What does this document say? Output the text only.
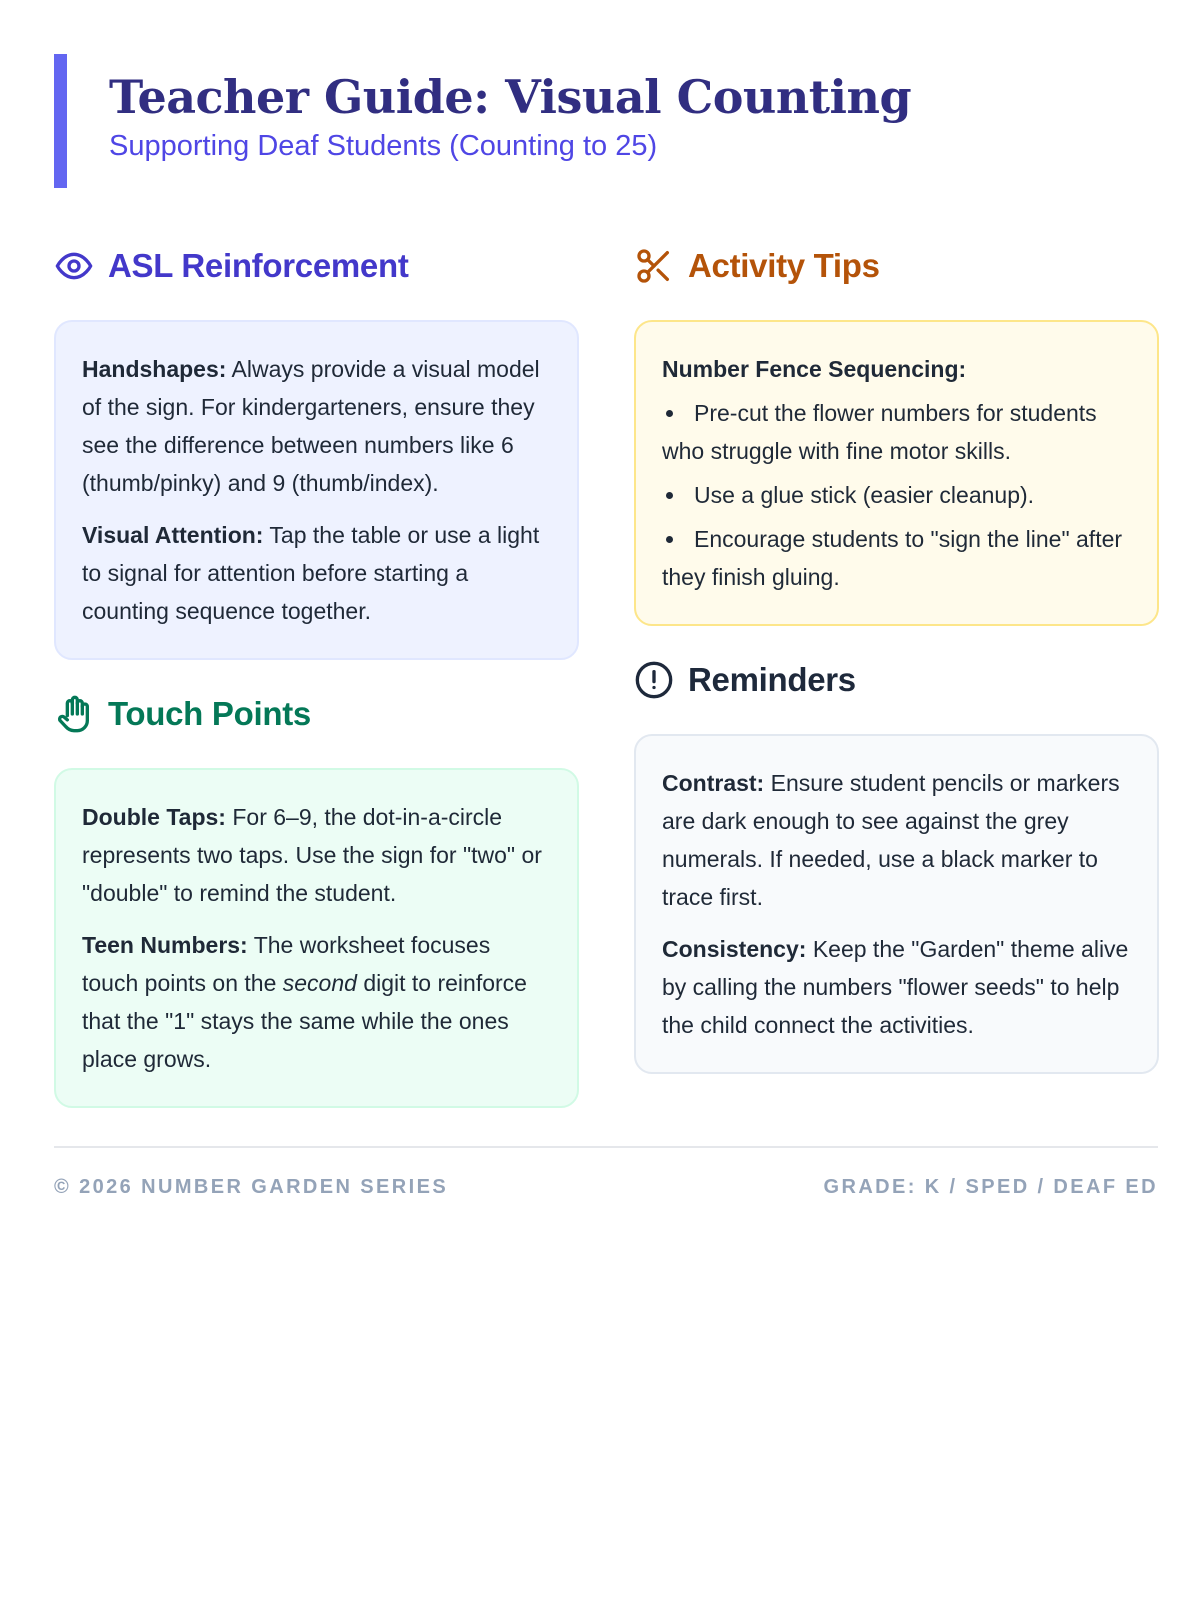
Teacher Guide: Visual Counting
Supporting Deaf Students (Counting to 25)
ASL Reinforcement

Handshapes: Always provide a visual model of the sign. For kindergarteners, ensure they see the difference between numbers like 6 (thumb/pinky) and 9 (thumb/index).

Visual Attention: Tap the table or use a light to signal for attention before starting a counting sequence together.

Touch Points

Double Taps: For 6–9, the dot-in-a-circle represents two taps. Use the sign for "two" or "double" to remind the student.

Teen Numbers: The worksheet focuses touch points on the second digit to reinforce that the "1" stays the same while the ones place grows.

Activity Tips
Number Fence Sequencing:
Pre-cut the flower numbers for students who struggle with fine motor skills.
Use a glue stick (easier cleanup).
Encourage students to "sign the line" after they finish gluing.
Reminders

Contrast: Ensure student pencils or markers are dark enough to see against the grey numerals. If needed, use a black marker to trace first.

Consistency: Keep the "Garden" theme alive by calling the numbers "flower seeds" to help the child connect the activities.

© 2026 NUMBER GARDEN SERIES	GRADE: K / SPED / DEAF ED
